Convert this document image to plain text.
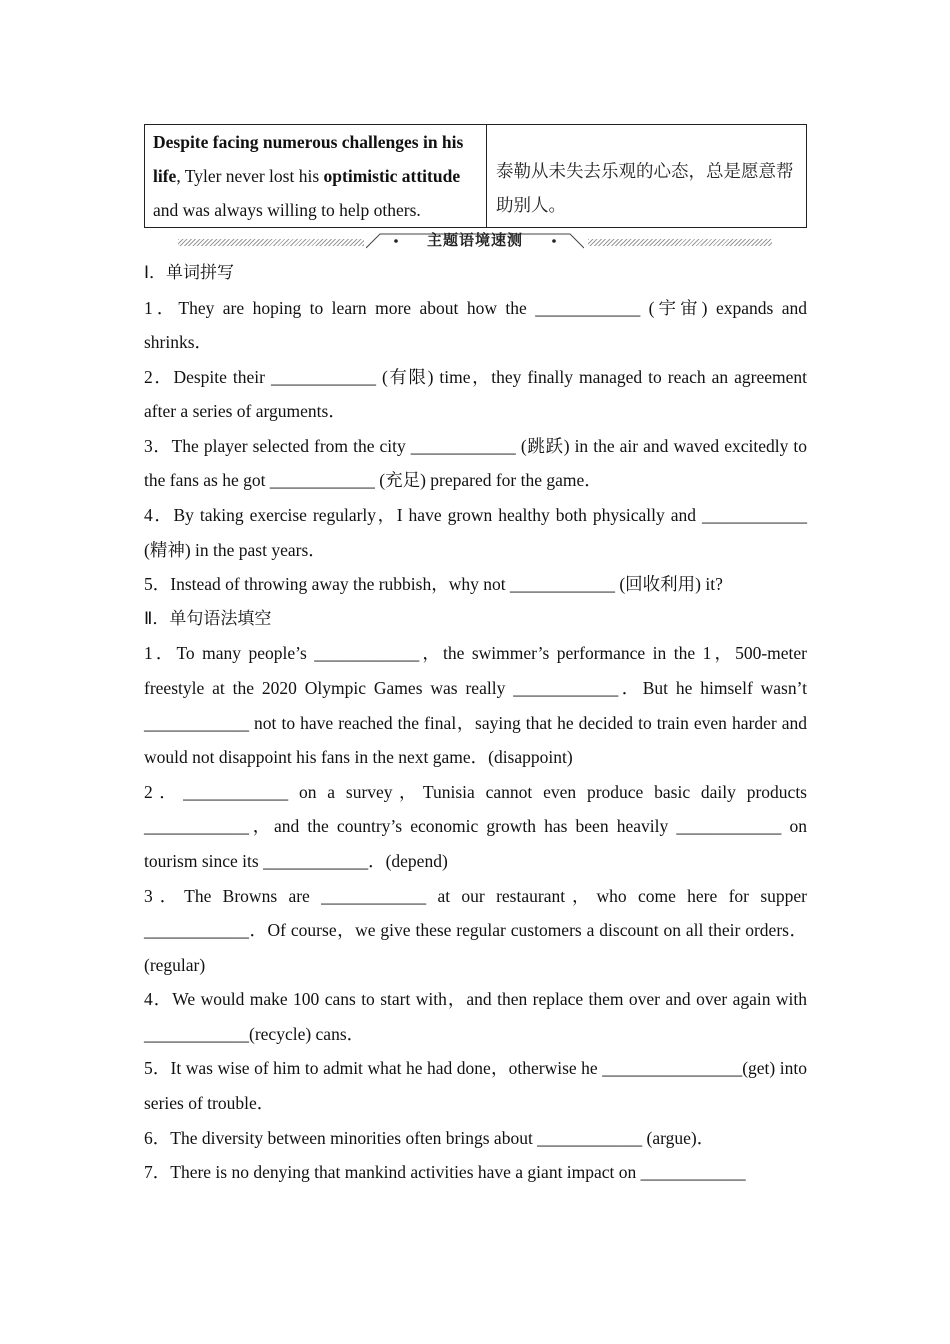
Despite facing numerous challenges in his life, Tyler never lost his optimistic attitude and was always willing to help others.	泰勒从未失去乐观的心态，总是愿意帮助别人。
主题语境速测
Ⅰ．单词拼写

1．They are hoping to learn more about how the ____________ (宇宙) expands and shrinks．

2．Despite their ____________ (有限) time，they finally managed to reach an agreement after a series of arguments．

3．The player selected from the city ____________ (跳跃) in the air and waved excitedly to the fans as he got ____________ (充足) prepared for the game．

4．By taking exercise regularly，I have grown healthy both physically and ____________ (精神) in the past years．

5．Instead of throwing away the rubbish，why not ____________ (回收利用) it?

Ⅱ．单句语法填空

1．To many people’s ____________，the swimmer’s performance in the 1，500-meter freestyle at the 2020 Olympic Games was really ____________．But he himself wasn’t ____________ not to have reached the final，saying that he decided to train even harder and would not disappoint his fans in the next game．(disappoint)

2．____________ on a survey，Tunisia cannot even produce basic daily products ____________，and the country’s economic growth has been heavily ____________ on tourism since its ____________．(depend)

3．The Browns are ____________ at our restaurant，who come here for supper ____________．Of course，we give these regular customers a discount on all their orders．(regular)

4．We would make 100 cans to start with，and then replace them over and over again with ____________(recycle) cans．

5．It was wise of him to admit what he had done，otherwise he ________________(get) into series of trouble．

6．The diversity between minorities often brings about ____________ (argue)．

7．There is no denying that mankind activities have a giant impact on ____________
